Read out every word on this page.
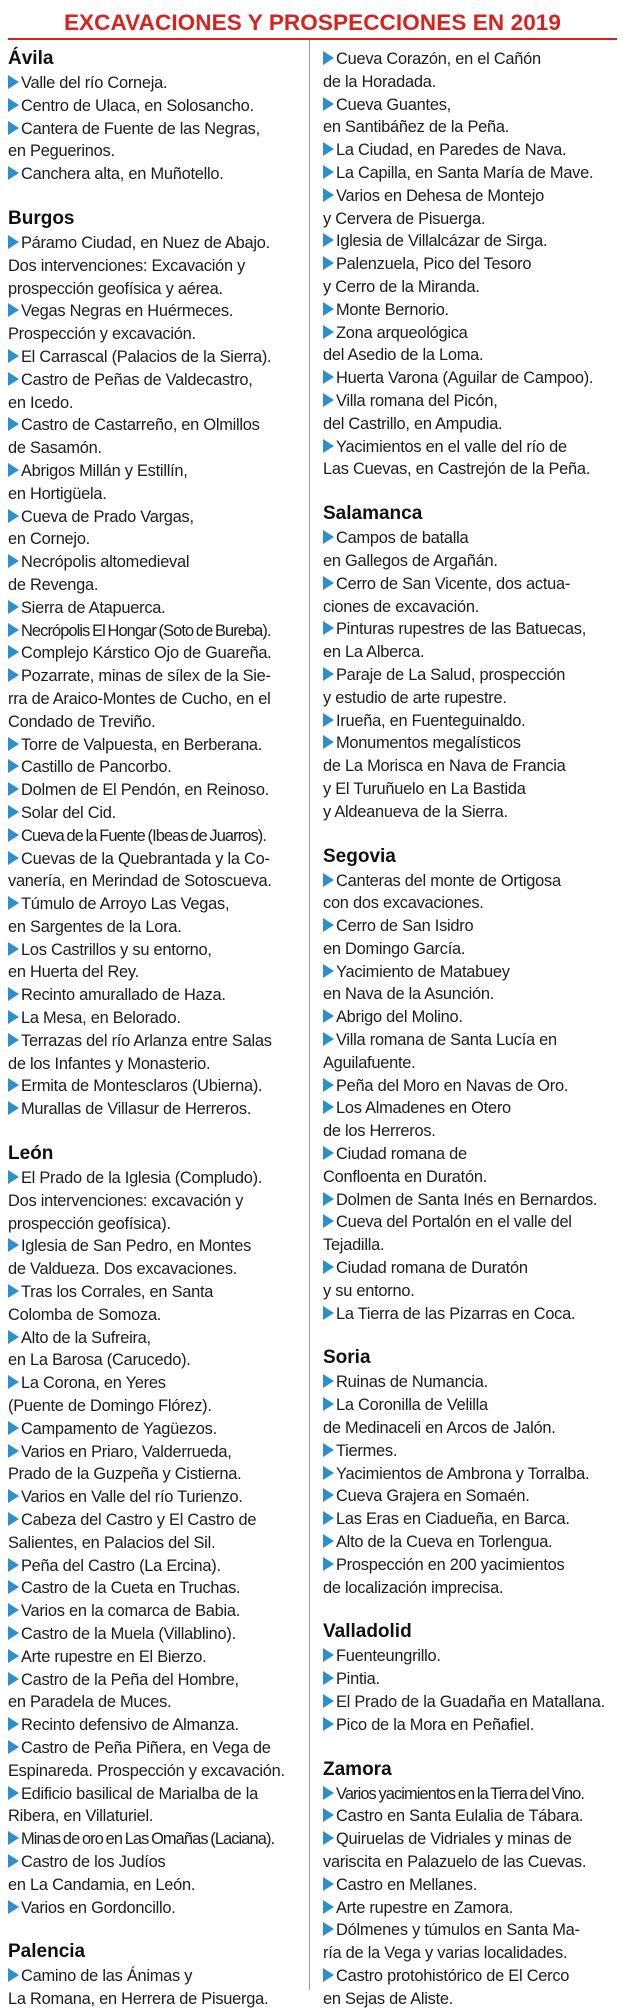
EXCAVACIONES Y PROSPECCIONES EN 2019
Ávila
Valle del río Corneja.
Centro de Ulaca, en Solosancho.
Cantera de Fuente de las Negras,
en Peguerinos.
Canchera alta, en Muñotello.
Burgos
Páramo Ciudad, en Nuez de Abajo.
Dos intervenciones: Excavación y
prospección geofísica y aérea.
Vegas Negras en Huérmeces.
Prospección y excavación.
El Carrascal (Palacios de la Sierra).
Castro de Peñas de Valdecastro,
en Icedo.
Castro de Castarreño, en Olmillos
de Sasamón.
Abrigos Millán y Estillín,
en Hortigüela.
Cueva de Prado Vargas,
en Cornejo.
Necrópolis altomedieval
de Revenga.
Sierra de Atapuerca.
Necrópolis El Hongar (Soto de Bureba).
Complejo Kárstico Ojo de Guareña.
Pozarrate, minas de sílex de la Sie-
rra de Araico-Montes de Cucho, en el
Condado de Treviño.
Torre de Valpuesta, en Berberana.
Castillo de Pancorbo.
Dolmen de El Pendón, en Reinoso.
Solar del Cid.
Cueva de la Fuente (Ibeas de Juarros).
Cuevas de la Quebrantada y la Co-
vanería, en Merindad de Sotoscueva.
Túmulo de Arroyo Las Vegas,
en Sargentes de la Lora.
Los Castrillos y su entorno,
en Huerta del Rey.
Recinto amurallado de Haza.
La Mesa, en Belorado.
Terrazas del río Arlanza entre Salas
de los Infantes y Monasterio.
Ermita de Montesclaros (Ubierna).
Murallas de Villasur de Herreros.
León
El Prado de la Iglesia (Compludo).
Dos intervenciones: excavación y
prospección geofísica).
Iglesia de San Pedro, en Montes
de Valdueza. Dos excavaciones.
Tras los Corrales, en Santa
Colomba de Somoza.
Alto de la Sufreira,
en La Barosa (Carucedo).
La Corona, en Yeres
(Puente de Domingo Flórez).
Campamento de Yagüezos.
Varios en Priaro, Valderrueda,
Prado de la Guzpeña y Cistierna.
Varios en Valle del río Turienzo.
Cabeza del Castro y El Castro de
Salientes, en Palacios del Sil.
Peña del Castro (La Ercina).
Castro de la Cueta en Truchas.
Varios en la comarca de Babia.
Castro de la Muela (Villablino).
Arte rupestre en El Bierzo.
Castro de la Peña del Hombre,
en Paradela de Muces.
Recinto defensivo de Almanza.
Castro de Peña Piñera, en Vega de
Espinareda. Prospección y excavación.
Edificio basilical de Marialba de la
Ribera, en Villaturiel.
Minas de oro en Las Omañas (Laciana).
Castro de los Judíos
en La Candamia, en León.
Varios en Gordoncillo.
Palencia
Camino de las Ánimas y
La Romana, en Herrera de Pisuerga.
Cueva Corazón, en el Cañón
de la Horadada.
Cueva Guantes,
en Santibáñez de la Peña.
La Ciudad, en Paredes de Nava.
La Capilla, en Santa María de Mave.
Varios en Dehesa de Montejo
y Cervera de Pisuerga.
Iglesia de Villalcázar de Sirga.
Palenzuela, Pico del Tesoro
y Cerro de la Miranda.
Monte Bernorio.
Zona arqueológica
del Asedio de la Loma.
Huerta Varona (Aguilar de Campoo).
Villa romana del Picón,
del Castrillo, en Ampudia.
Yacimientos en el valle del río de
Las Cuevas, en Castrejón de la Peña.
Salamanca
Campos de batalla
en Gallegos de Argañán.
Cerro de San Vicente, dos actua-
ciones de excavación.
Pinturas rupestres de las Batuecas,
en La Alberca.
Paraje de La Salud, prospección
y estudio de arte rupestre.
Irueña, en Fuenteguinaldo.
Monumentos megalísticos
de La Morisca en Nava de Francia
y El Turuñuelo en La Bastida
y Aldeanueva de la Sierra.
Segovia
Canteras del monte de Ortigosa
con dos excavaciones.
Cerro de San Isidro
en Domingo García.
Yacimiento de Matabuey
en Nava de la Asunción.
Abrigo del Molino.
Villa romana de Santa Lucía en
Aguilafuente.
Peña del Moro en Navas de Oro.
Los Almadenes en Otero
de los Herreros.
Ciudad romana de
Confloenta en Duratón.
Dolmen de Santa Inés en Bernardos.
Cueva del Portalón en el valle del
Tejadilla.
Ciudad romana de Duratón
y su entorno.
La Tierra de las Pizarras en Coca.
Soria
Ruinas de Numancia.
La Coronilla de Velilla
de Medinaceli en Arcos de Jalón.
Tiermes.
Yacimientos de Ambrona y Torralba.
Cueva Grajera en Somaén.
Las Eras en Ciadueña, en Barca.
Alto de la Cueva en Torlengua.
Prospección en 200 yacimientos
de localización imprecisa.
Valladolid
Fuenteungrillo.
Pintia.
El Prado de la Guadaña en Matallana.
Pico de la Mora en Peñafiel.
Zamora
Varios yacimientos en la Tierra del Vino.
Castro en Santa Eulalia de Tábara.
Quiruelas de Vidriales y minas de
variscita en Palazuelo de las Cuevas.
Castro en Mellanes.
Arte rupestre en Zamora.
Dólmenes y túmulos en Santa Ma-
ría de la Vega y varias localidades.
Castro protohistórico de El Cerco
en Sejas de Aliste.
